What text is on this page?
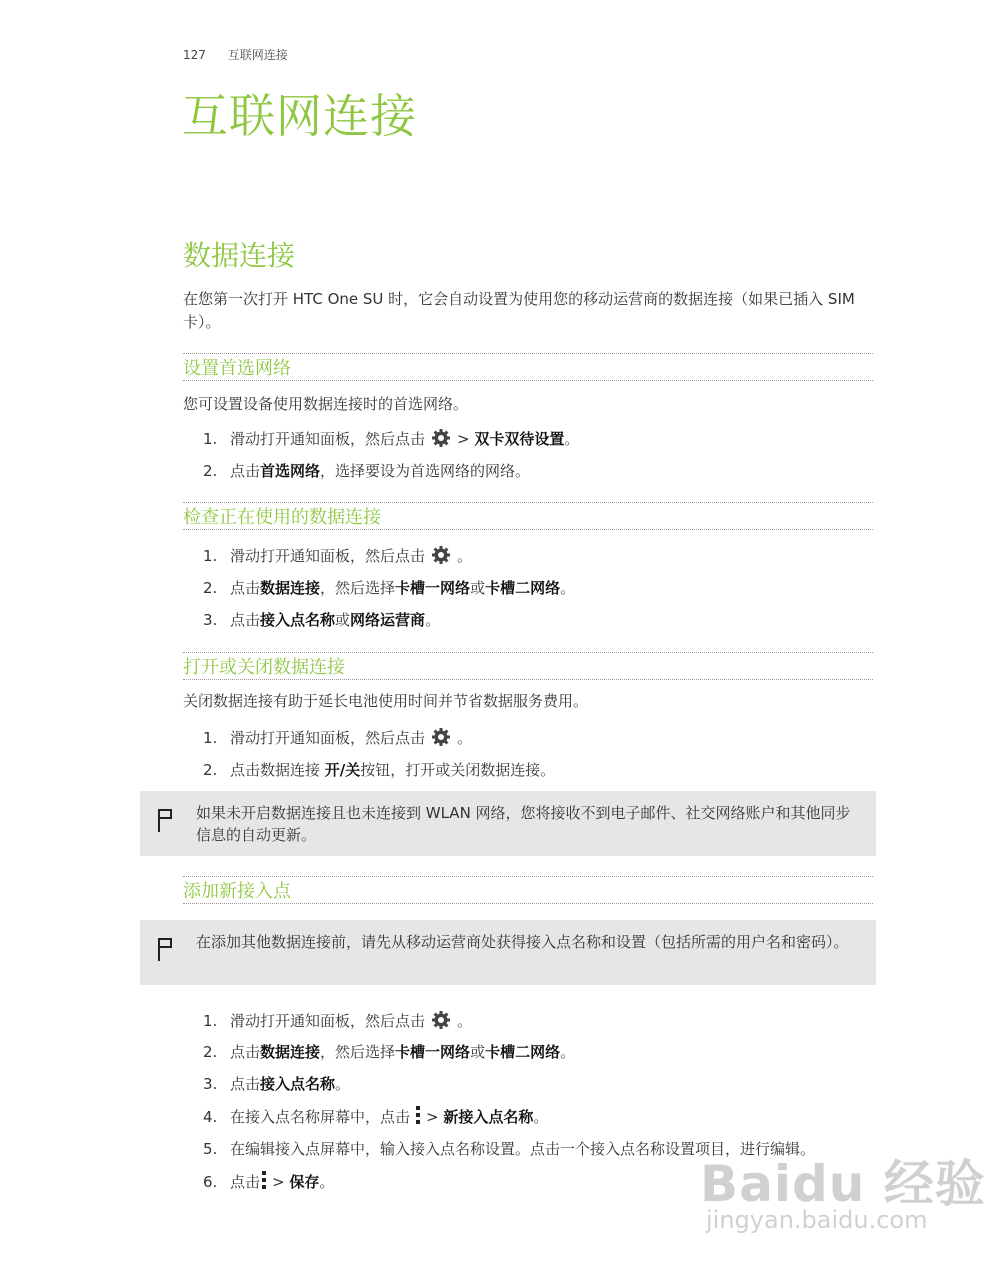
127 互联网连接
互联网连接
数据连接
在您第一次打开 HTC One SU 时，它会自动设置为使用您的移动运营商的数据连接（如果已插入 SIM 卡）。
设置首选网络
您可设置设备使用数据连接时的首选网络。
1. 滑动打开通知面板，然后点击 > 双卡双待设置。
2. 点击首选网络，选择要设为首选网络的网络。
检查正在使用的数据连接
1. 滑动打开通知面板，然后点击 。
2. 点击数据连接，然后选择卡槽一网络或卡槽二网络。
3. 点击接入点名称或网络运营商。
打开或关闭数据连接
关闭数据连接有助于延长电池使用时间并节省数据服务费用。
1. 滑动打开通知面板，然后点击 。
2. 点击数据连接 开/关按钮，打开或关闭数据连接。
如果未开启数据连接且也未连接到 WLAN 网络，您将接收不到电子邮件、社交网络账户和其他同步信息的自动更新。
添加新接入点
在添加其他数据连接前，请先从移动运营商处获得接入点名称和设置（包括所需的用户名和密码）。
1. 滑动打开通知面板，然后点击 。
2. 点击数据连接，然后选择卡槽一网络或卡槽二网络。
3. 点击接入点名称。
4. 在接入点名称屏幕中，点击 > 新接入点名称。
5. 在编辑接入点屏幕中，输入接入点名称设置。点击一个接入点名称设置项目，进行编辑。
6. 点击 > 保存。	Baidu 经验
jingyan.baidu.com
